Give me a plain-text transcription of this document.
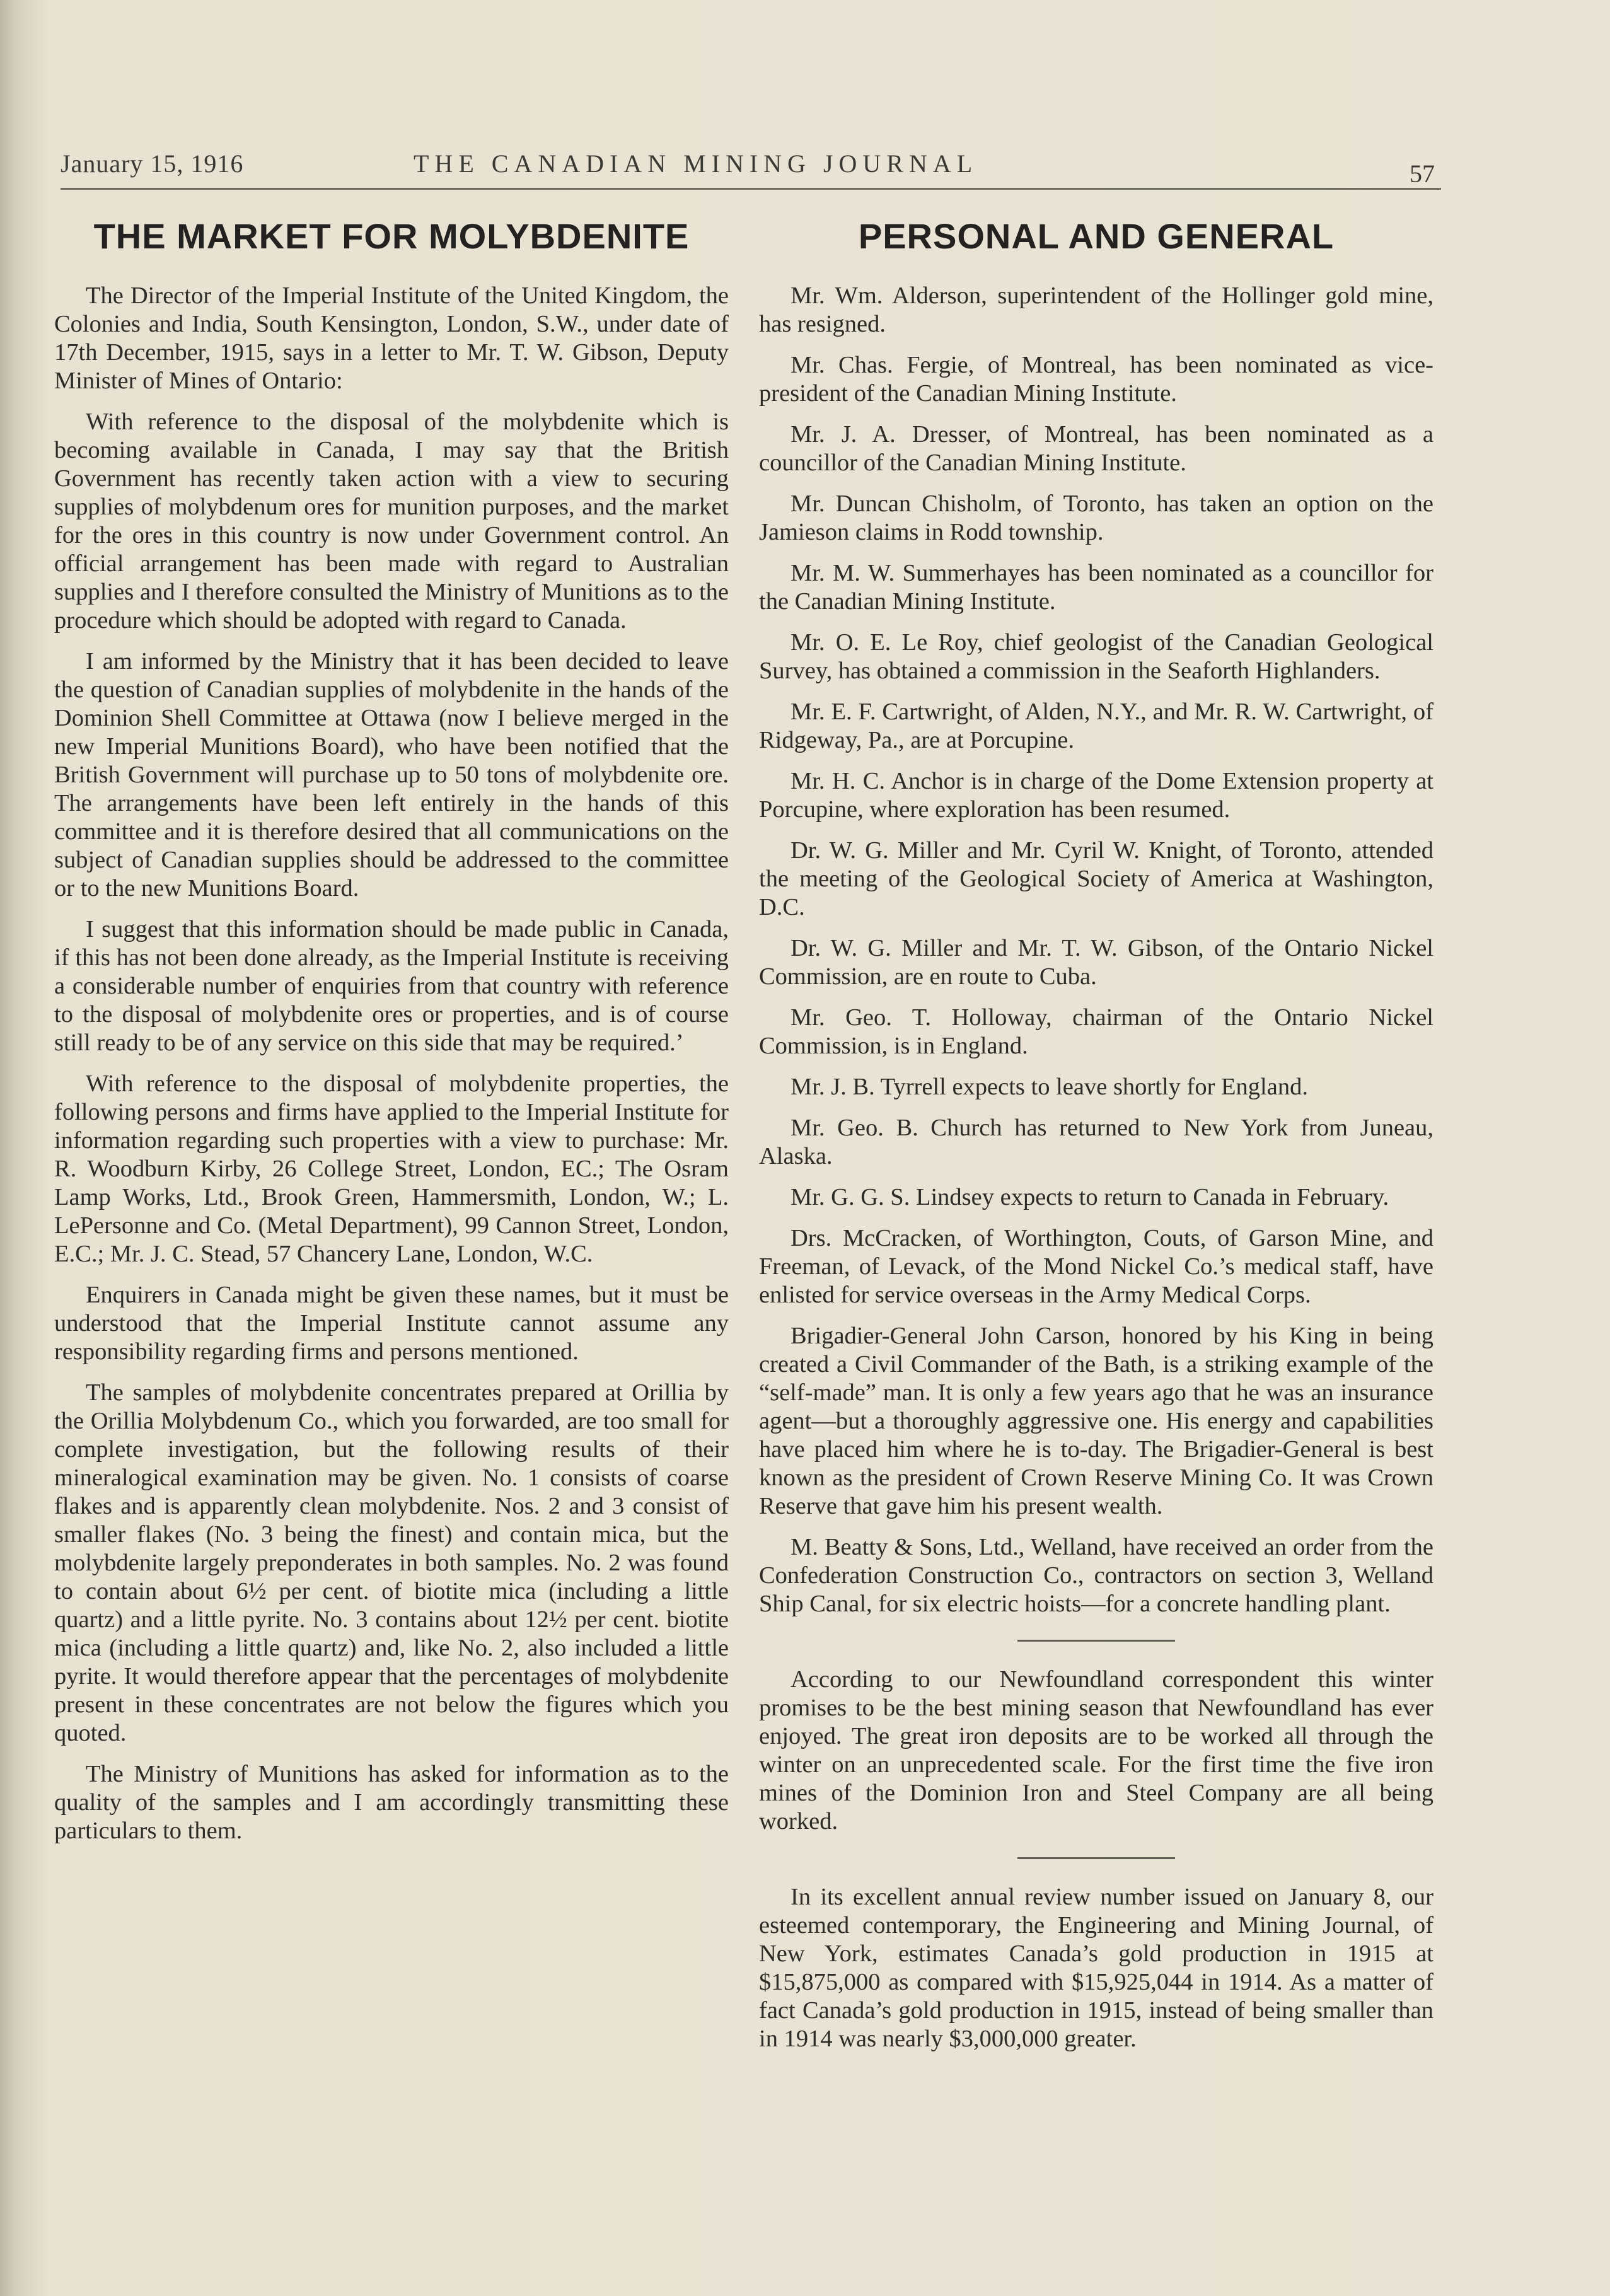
January 15, 1916	THE CANADIAN MINING JOURNAL	57
THE MARKET FOR MOLYBDENITE

The Director of the Imperial Institute of the United Kingdom, the Colonies and India, South Kensington, London, S.W., under date of 17th December, 1915, says in a letter to Mr. T. W. Gibson, Deputy Minister of Mines of Ontario:

With reference to the disposal of the molybdenite which is becoming available in Canada, I may say that the British Government has recently taken action with a view to securing supplies of molybdenum ores for munition purposes, and the market for the ores in this country is now under Government control. An official arrangement has been made with regard to Australian supplies and I therefore consulted the Ministry of Munitions as to the procedure which should be adopted with regard to Canada.

I am informed by the Ministry that it has been decided to leave the question of Canadian supplies of molybdenite in the hands of the Dominion Shell Committee at Ottawa (now I believe merged in the new Imperial Munitions Board), who have been notified that the British Government will purchase up to 50 tons of molybdenite ore. The arrangements have been left entirely in the hands of this committee and it is therefore desired that all communications on the subject of Canadian supplies should be addressed to the committee or to the new Munitions Board.

I suggest that this information should be made public in Canada, if this has not been done already, as the Imperial Institute is receiving a considerable number of enquiries from that country with reference to the disposal of molybdenite ores or properties, and is of course still ready to be of any service on this side that may be required.’

With reference to the disposal of molybdenite properties, the following persons and firms have applied to the Imperial Institute for information regarding such properties with a view to purchase: Mr. R. Woodburn Kirby, 26 College Street, London, EC.; The Osram Lamp Works, Ltd., Brook Green, Hammersmith, London, W.; L. LePersonne and Co. (Metal Department), 99 Cannon Street, London, E.C.; Mr. J. C. Stead, 57 Chancery Lane, London, W.C.

Enquirers in Canada might be given these names, but it must be understood that the Imperial Institute cannot assume any responsibility regarding firms and persons mentioned.

The samples of molybdenite concentrates prepared at Orillia by the Orillia Molybdenum Co., which you forwarded, are too small for complete investigation, but the following results of their mineralogical examination may be given. No. 1 consists of coarse flakes and is apparently clean molybdenite. Nos. 2 and 3 consist of smaller flakes (No. 3 being the finest) and contain mica, but the molybdenite largely preponderates in both samples. No. 2 was found to contain about 6½ per cent. of biotite mica (including a little quartz) and a little pyrite. No. 3 contains about 12½ per cent. biotite mica (including a little quartz) and, like No. 2, also included a little pyrite. It would therefore appear that the percentages of molybdenite present in these concentrates are not below the figures which you quoted.

The Ministry of Munitions has asked for information as to the quality of the samples and I am accordingly transmitting these particulars to them.

PERSONAL AND GENERAL

Mr. Wm. Alderson, superintendent of the Hollinger gold mine, has resigned.

Mr. Chas. Fergie, of Montreal, has been nominated as vice-president of the Canadian Mining Institute.

Mr. J. A. Dresser, of Montreal, has been nominated as a councillor of the Canadian Mining Institute.

Mr. Duncan Chisholm, of Toronto, has taken an option on the Jamieson claims in Rodd township.

Mr. M. W. Summerhayes has been nominated as a councillor for the Canadian Mining Institute.

Mr. O. E. Le Roy, chief geologist of the Canadian Geological Survey, has obtained a commission in the Seaforth Highlanders.

Mr. E. F. Cartwright, of Alden, N.Y., and Mr. R. W. Cartwright, of Ridgeway, Pa., are at Porcupine.

Mr. H. C. Anchor is in charge of the Dome Extension property at Porcupine, where exploration has been resumed.

Dr. W. G. Miller and Mr. Cyril W. Knight, of Toronto, attended the meeting of the Geological Society of America at Washington, D.C.

Dr. W. G. Miller and Mr. T. W. Gibson, of the Ontario Nickel Commission, are en route to Cuba.

Mr. Geo. T. Holloway, chairman of the Ontario Nickel Commission, is in England.

Mr. J. B. Tyrrell expects to leave shortly for England.

Mr. Geo. B. Church has returned to New York from Juneau, Alaska.

Mr. G. G. S. Lindsey expects to return to Canada in February.

Drs. McCracken, of Worthington, Couts, of Garson Mine, and Freeman, of Levack, of the Mond Nickel Co.’s medical staff, have enlisted for service overseas in the Army Medical Corps.

Brigadier-General John Carson, honored by his King in being created a Civil Commander of the Bath, is a striking example of the “self-made” man. It is only a few years ago that he was an insurance agent—but a thoroughly aggressive one. His energy and capabilities have placed him where he is to-day. The Brigadier-General is best known as the president of Crown Reserve Mining Co. It was Crown Reserve that gave him his present wealth.

M. Beatty & Sons, Ltd., Welland, have received an order from the Confederation Construction Co., contractors on section 3, Welland Ship Canal, for six electric hoists—for a concrete handling plant.

According to our Newfoundland correspondent this winter promises to be the best mining season that Newfoundland has ever enjoyed. The great iron deposits are to be worked all through the winter on an unprecedented scale. For the first time the five iron mines of the Dominion Iron and Steel Company are all being worked.

In its excellent annual review number issued on January 8, our esteemed contemporary, the Engineering and Mining Journal, of New York, estimates Canada’s gold production in 1915 at $15,875,000 as compared with $15,925,044 in 1914. As a matter of fact Canada’s gold production in 1915, instead of being smaller than in 1914 was nearly $3,000,000 greater.
